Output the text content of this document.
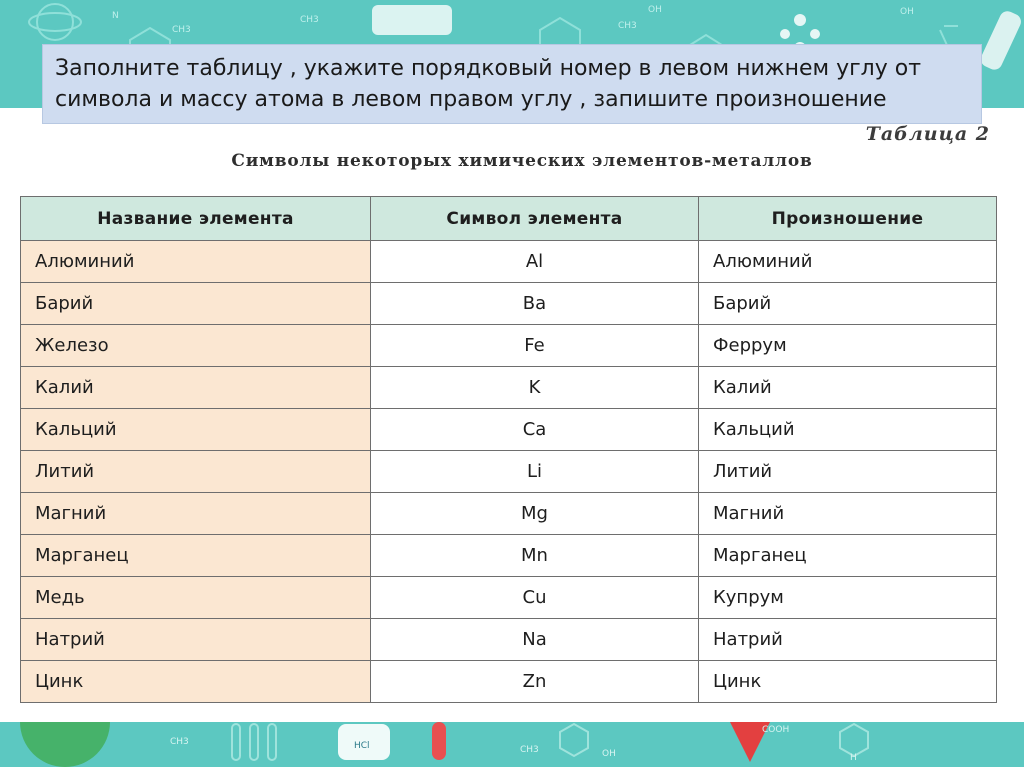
CH3
N
CH3
OH	OH
CH3
CH3	HCl	CH3	OH
COOH
H
Заполните таблицу , укажите порядковый номер в левом нижнем углу от
символа и массу атома в левом правом углу , запишите произношение
Таблица 2
Символы некоторых химических элементов-металлов
Название элемента	Символ элемента	Произношение
Алюминий	Al	Алюминий
Барий	Ba	Барий
Железо	Fe	Феррум
Калий	K	Калий
Кальций	Ca	Кальций
Литий	Li	Литий
Магний	Mg	Магний
Марганец	Mn	Марганец
Медь	Cu	Купрум
Натрий	Na	Натрий
Цинк	Zn	Цинк
